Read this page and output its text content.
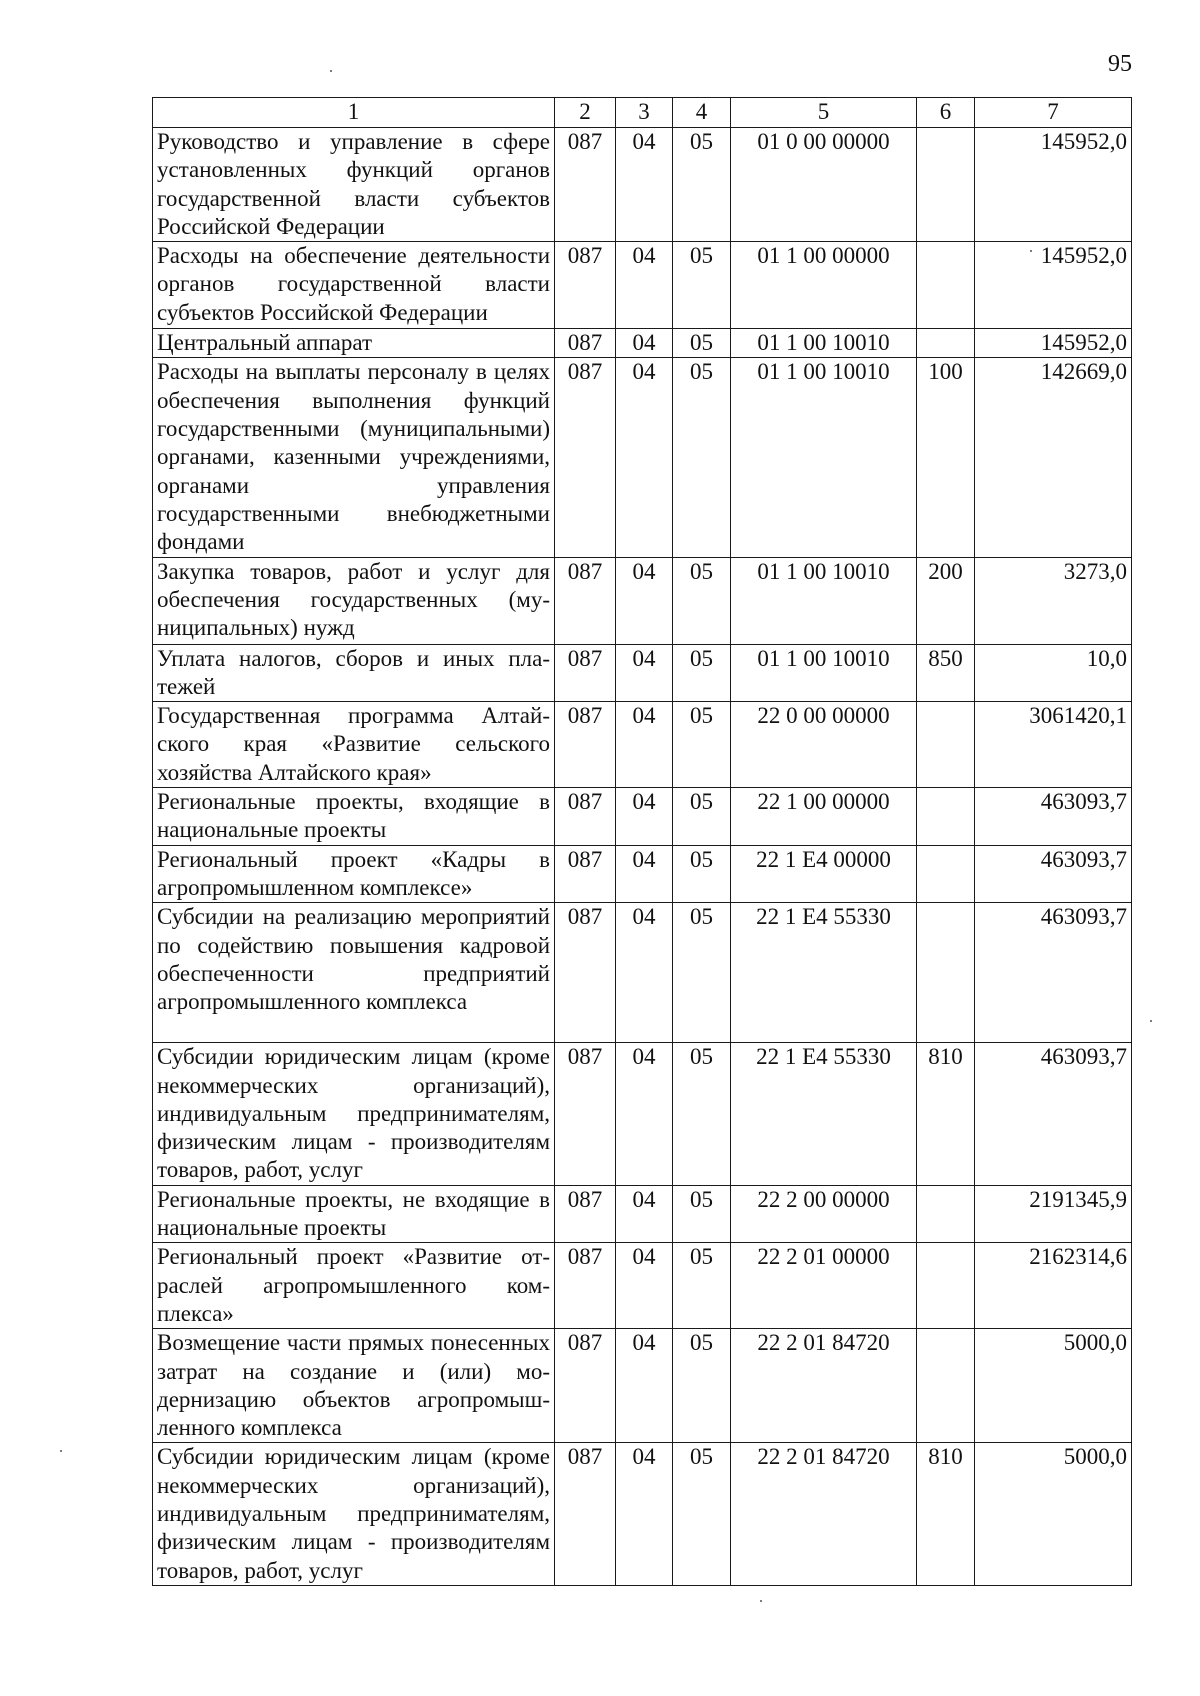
95
1	2	3	4	5	6	7
Руководство и управление в сфере установленных функций органов государственной власти субъектов Российской Федерации	087	04	05	01 0 00 00000		145952,0
Расходы на обеспечение деятельности органов государственной власти субъектов Российской Федерации	087	04	05	01 1 00 00000		145952,0
Центральный аппарат	087	04	05	01 1 00 10010		145952,0
Расходы на выплаты персоналу в целях обеспечения выполнения функций государственными (муниципальными) органами, казенными учреждениями, органами управления государственными внебюджетными фондами	087	04	05	01 1 00 10010	100	142669,0
Закупка товаров, работ и услуг для обеспечения государственных (муниципальных) нужд	087	04	05	01 1 00 10010	200	3273,0
Уплата налогов, сборов и иных платежей	087	04	05	01 1 00 10010	850	10,0
Государственная программа Алтайского края «Развитие сельского хозяйства Алтайского края»	087	04	05	22 0 00 00000		3061420,1
Региональные проекты, входящие в национальные проекты	087	04	05	22 1 00 00000		463093,7
Региональный проект «Кадры в агропромышленном комплексе»	087	04	05	22 1 Е4 00000		463093,7
Субсидии на реализацию мероприятий по содействию повышения кадровой обеспеченности предприятий агропромышленного комплекса	087	04	05	22 1 Е4 55330		463093,7
Субсидии юридическим лицам (кроме некоммерческих организаций), индивидуальным предпринимателям, физическим лицам - производителям товаров, работ, услуг	087	04	05	22 1 Е4 55330	810	463093,7
Региональные проекты, не входящие в национальные проекты	087	04	05	22 2 00 00000		2191345,9
Региональный проект «Развитие отраслей агропромышленного комплекса»	087	04	05	22 2 01 00000		2162314,6
Возмещение части прямых понесенных затрат на создание и (или) модернизацию объектов агропромышленного комплекса	087	04	05	22 2 01 84720		5000,0
Субсидии юридическим лицам (кроме некоммерческих организаций), индивидуальным предпринимателям, физическим лицам - производителям товаров, работ, услуг	087	04	05	22 2 01 84720	810	5000,0
